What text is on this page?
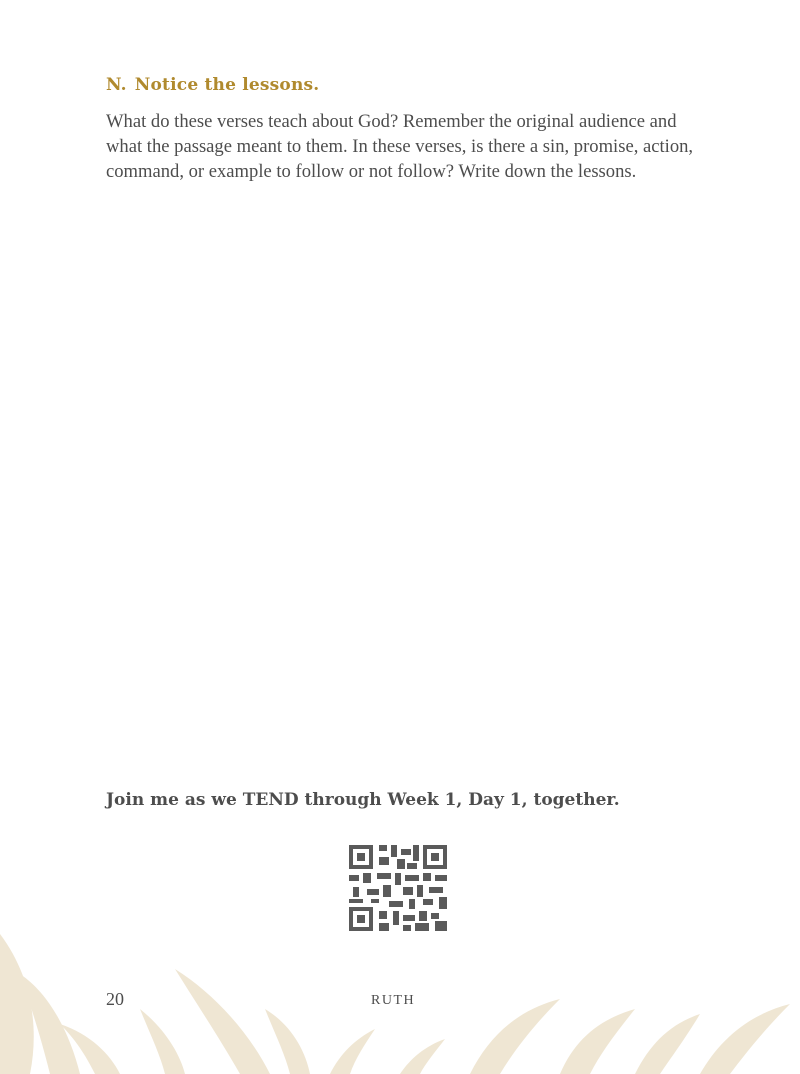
N. Notice the lessons.

What do these verses teach about God? Remember the original audience and what the passage meant to them. In these verses, is there a sin, promise, action, command, or example to follow or not follow? Write down the lessons.

Join me as we TEND through Week 1, Day 1, together.
20	RUTH
